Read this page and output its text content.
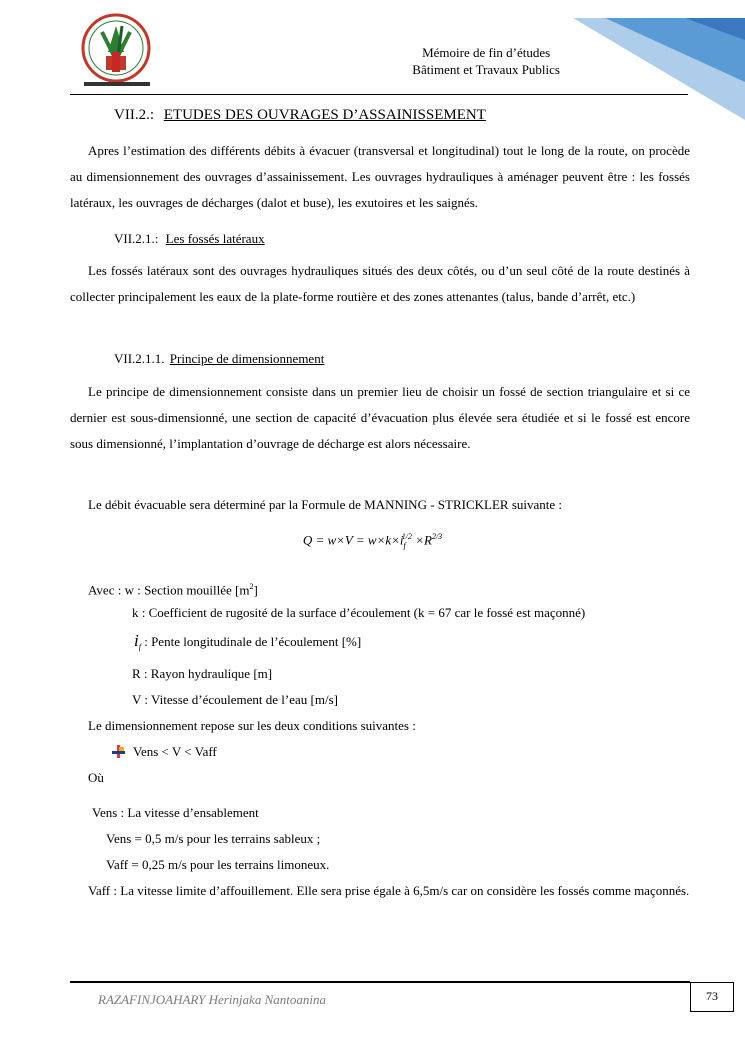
Mémoire de fin d’études
Bâtiment et Travaux Publics
VII.2.: ETUDES DES OUVRAGES D’ASSAINISSEMENT
Apres l’estimation des différents débits à évacuer (transversal et longitudinal) tout le long de la route, on procède au dimensionnement des ouvrages d’assainissement. Les ouvrages hydrauliques à aménager peuvent être : les fossés latéraux, les ouvrages de décharges (dalot et buse), les exutoires et les saignés.
VII.2.1.: Les fossés latéraux
Les fossés latéraux sont des ouvrages hydrauliques situés des deux côtés, ou d’un seul côté de la route destinés à collecter principalement les eaux de la plate-forme routière et des zones attenantes (talus, bande d’arrêt, etc.)
VII.2.1.1. Principe de dimensionnement
Le principe de dimensionnement consiste dans un premier lieu de choisir un fossé de section triangulaire et si ce dernier est sous-dimensionné, une section de capacité d’évacuation plus élevée sera étudiée et si le fossé est encore sous dimensionné, l’implantation d’ouvrage de décharge est alors nécessaire.
Le débit évacuable sera déterminé par la Formule de MANNING - STRICKLER suivante :
$Q = w\times V = w\times k\times i_f^{1/2} \times R^{2/3}$
Avec : w : Section mouillée $[m^2]$
k : Coefficient de rugosité de la surface d’écoulement (k = 67 car le fossé est maçonné)
$i_f$ : Pente longitudinale de l’écoulement [%]
R : Rayon hydraulique [m]
V : Vitesse d’écoulement de l’eau [m/s]
Le dimensionnement repose sur les deux conditions suivantes :
Vens < V < Vaff
Où
Vens : La vitesse d’ensablement
Vens = 0,5 m/s pour les terrains sableux ;
Vaff = 0,25 m/s pour les terrains limoneux.
Vaff : La vitesse limite d’affouillement. Elle sera prise égale à 6,5m/s car on considère les fossés comme maçonnés.
73
RAZAFINJOAHARY Herinjaka Nantoanina
